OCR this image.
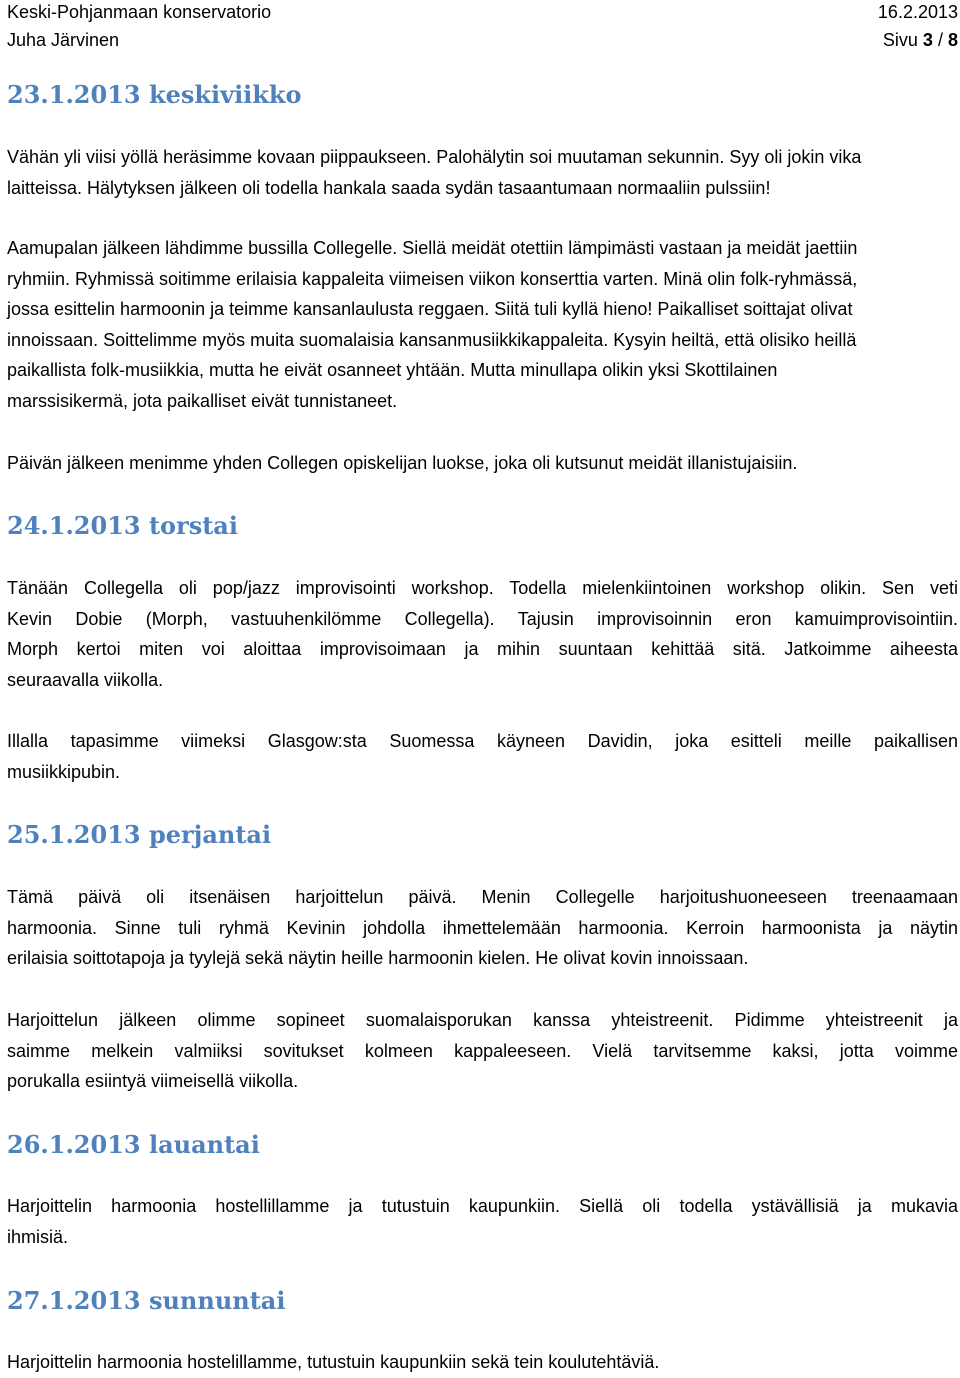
Keski-Pohjanmaan konservatorio	16.2.2013
Juha Järvinen	Sivu 3 / 8
23.1.2013 keskiviikko
Vähän yli viisi yöllä heräsimme kovaan piippaukseen. Palohälytin soi muutaman sekunnin. Syy oli jokin vika
laitteissa. Hälytyksen jälkeen oli todella hankala saada sydän tasaantumaan normaaliin pulssiin!
Aamupalan jälkeen lähdimme bussilla Collegelle. Siellä meidät otettiin lämpimästi vastaan ja meidät jaettiin
ryhmiin. Ryhmissä soitimme erilaisia kappaleita viimeisen viikon konserttia varten. Minä olin folk-ryhmässä,
jossa esittelin harmoonin ja teimme kansanlaulusta reggaen. Siitä tuli kyllä hieno! Paikalliset soittajat olivat
innoissaan. Soittelimme myös muita suomalaisia kansanmusiikkikappaleita. Kysyin heiltä, että olisiko heillä
paikallista folk-musiikkia, mutta he eivät osanneet yhtään. Mutta minullapa olikin yksi Skottilainen
marssisikermä, jota paikalliset eivät tunnistaneet.
Päivän jälkeen menimme yhden Collegen opiskelijan luokse, joka oli kutsunut meidät illanistujaisiin.
24.1.2013 torstai
Tänään Collegella oli pop/jazz improvisointi workshop. Todella mielenkiintoinen workshop olikin. Sen veti
Kevin Dobie (Morph, vastuuhenkilömme Collegella). Tajusin improvisoinnin eron kamuimprovisointiin.
Morph kertoi miten voi aloittaa improvisoimaan ja mihin suuntaan kehittää sitä. Jatkoimme aiheesta
seuraavalla viikolla.
Illalla tapasimme viimeksi Glasgow:sta Suomessa käyneen Davidin, joka esitteli meille paikallisen
musiikkipubin.
25.1.2013 perjantai
Tämä päivä oli itsenäisen harjoittelun päivä. Menin Collegelle harjoitushuoneeseen treenaamaan
harmoonia. Sinne tuli ryhmä Kevinin johdolla ihmettelemään harmoonia. Kerroin harmoonista ja näytin
erilaisia soittotapoja ja tyylejä sekä näytin heille harmoonin kielen. He olivat kovin innoissaan.
Harjoittelun jälkeen olimme sopineet suomalaisporukan kanssa yhteistreenit. Pidimme yhteistreenit ja
saimme melkein valmiiksi sovitukset kolmeen kappaleeseen. Vielä tarvitsemme kaksi, jotta voimme
porukalla esiintyä viimeisellä viikolla.
26.1.2013 lauantai
Harjoittelin harmoonia hostellillamme ja tutustuin kaupunkiin. Siellä oli todella ystävällisiä ja mukavia
ihmisiä.
27.1.2013 sunnuntai
Harjoittelin harmoonia hostelillamme, tutustuin kaupunkiin sekä tein koulutehtäviä.
